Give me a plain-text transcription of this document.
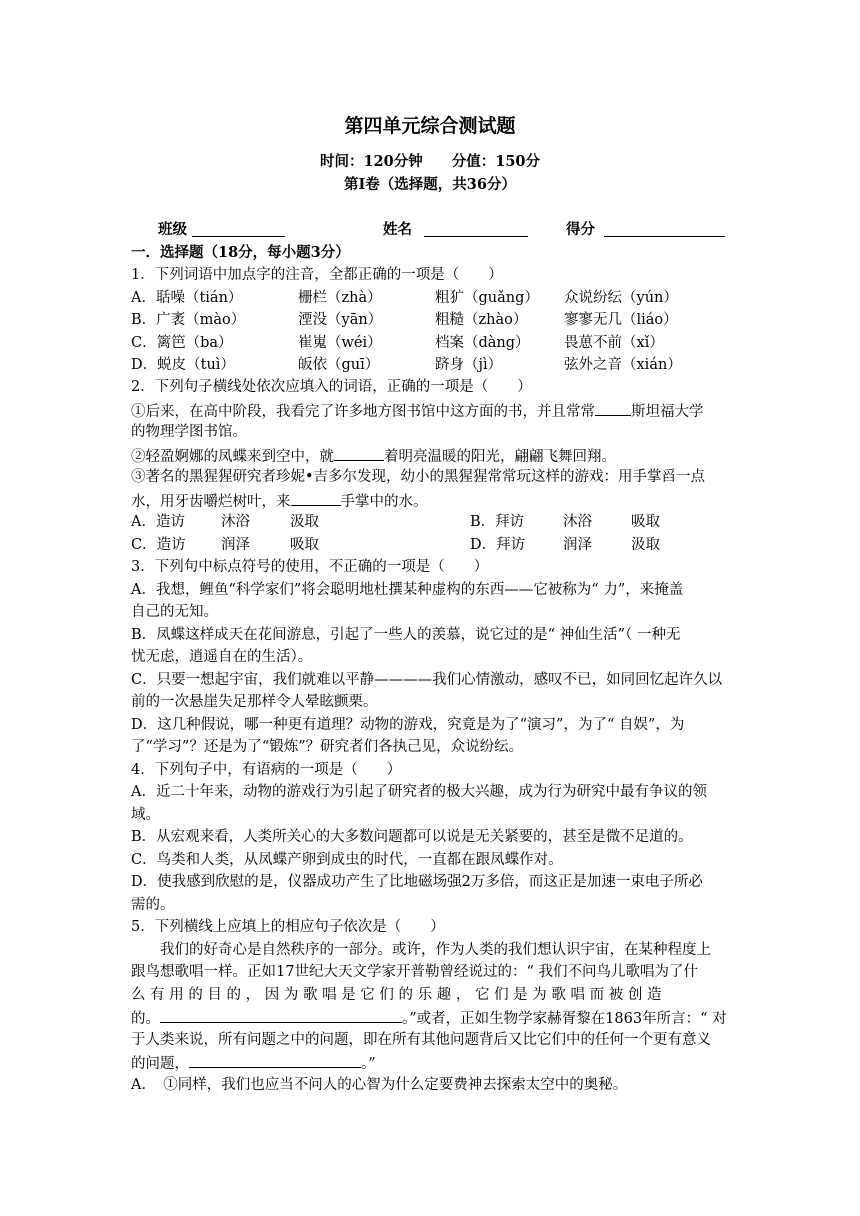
第四单元综合测试题
时间：120分钟　　分值：150分
第Ⅰ卷（选择题，共36分）
班级	姓名	得分
一．选择题（18分，每小题3分）
1．下列词语中加点字的注音，全都正确的一项是（　　）
A．聒噪（tián）	栅栏（zhà）	粗犷（guǎng） 众说纷纭（yún）
B．广袤（mào）	湮没（yān）	粗糙（zhào）	寥寥无几（liáo）
C．篱笆（ba）	崔嵬（wéi）	档案（dàng） 畏葸不前（xǐ）
D．蜕皮（tuì）	皈依（guī）	跻身（jì）	弦外之音（xián）
2．下列句子横线处依次应填入的词语，正确的一项是（　　）
①后来，在高中阶段，我看完了许多地方图书馆中这方面的书，并且常常 斯坦福大学
的物理学图书馆。
②轻盈婀娜的凤蝶来到空中，就	着明亮温暖的阳光，翩翩飞舞回翔。
③著名的黑猩猩研究者珍妮•吉多尔发现，幼小的黑猩猩常常玩这样的游戏：用手掌舀一点
水，用牙齿嚼烂树叶，来	手掌中的水。
A．造访 沐浴	汲取	B．拜访	沐浴	吸取
C．造访 润泽	吸取	D．拜访	润泽	汲取
3．下列句中标点符号的使用，不正确的一项是（　　）
A．我想，鲤鱼“科学家们”将会聪明地杜撰某种虚构的东西——它被称为“ 力”，来掩盖
自己的无知。
B．凤蝶这样成天在花间游息，引起了一些人的羡慕，说它过的是“ 神仙生活”（ 一种无
忧无虑，逍遥自在的生活）。
C．只要一想起宇宙，我们就难以平静————我们心情激动，感叹不已，如同回忆起许久以
前的一次悬崖失足那样令人晕眩颤栗。
D．这几种假说，哪一种更有道理？动物的游戏，究竟是为了“演习”，为了“ 自娱”，为
了“学习”？还是为了“锻炼”？研究者们各执己见，众说纷纭。
4．下列句子中，有语病的一项是（　　）
A．近二十年来，动物的游戏行为引起了研究者的极大兴趣，成为行为研究中最有争议的领
域。
B．从宏观来看，人类所关心的大多数问题都可以说是无关紧要的，甚至是微不足道的。
C．鸟类和人类，从凤蝶产卵到成虫的时代，一直都在跟凤蝶作对。
D．使我感到欣慰的是，仪器成功产生了比地磁场强2万多倍，而这正是加速一束电子所必
需的。
5．下列横线上应填上的相应句子依次是（　　）
我们的好奇心是自然秩序的一部分。或许，作为人类的我们想认识宇宙，在某种程度上
跟鸟想歌唱一样。正如17世纪大天文学家开普勒曾经说过的：“ 我们不问鸟儿歌唱为了什
么 有 用 的 目 的 ， 因 为 歌 唱 是 它 们 的 乐 趣 ， 它 们 是 为 歌 唱 而 被 创 造
的。	。”或者，正如生物学家赫胥黎在1863年所言：“ 对
于人类来说，所有问题之中的问题，即在所有其他问题背后又比它们中的任何一个更有意义
的问题，	。”
A．　①同样，我们也应当不问人的心智为什么定要费神去探索太空中的奥秘。
